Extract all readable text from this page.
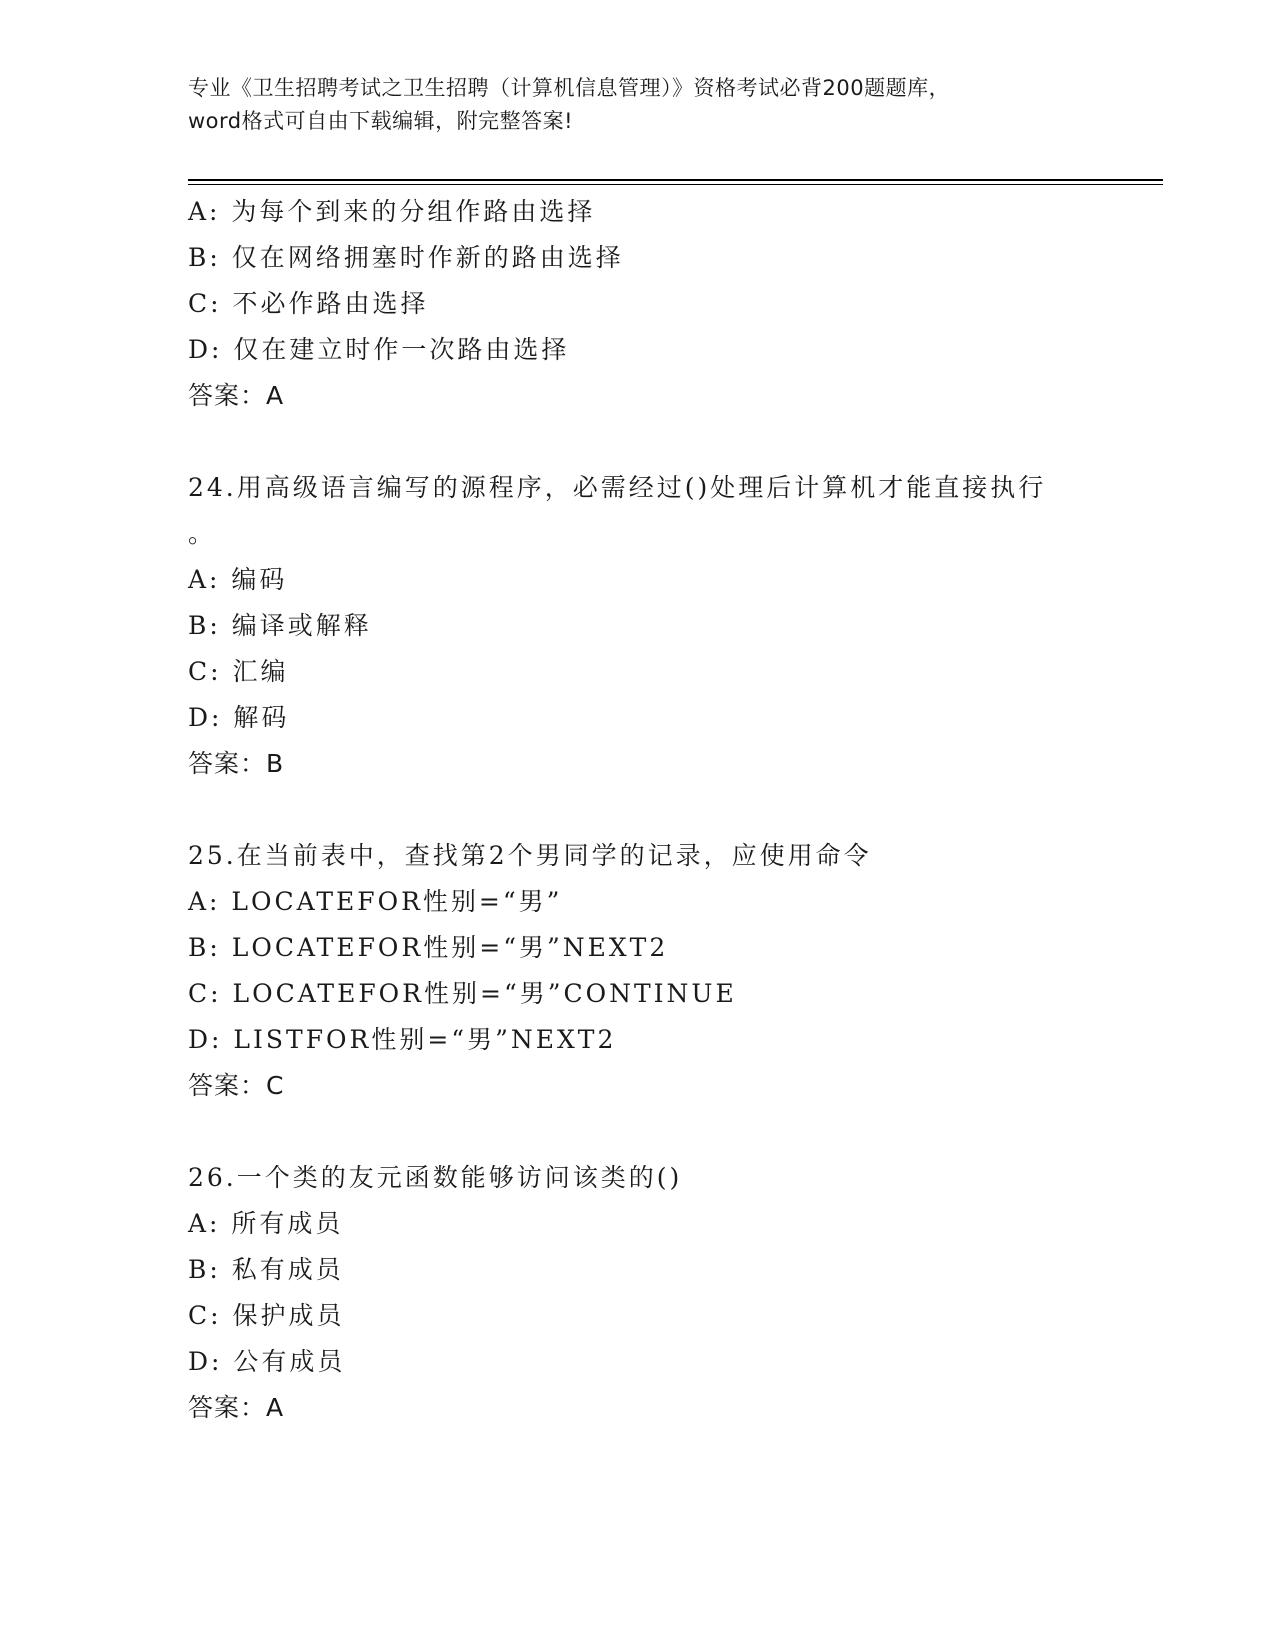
专业《卫生招聘考试之卫生招聘（计算机信息管理）》资格考试必背200题题库，
word格式可自由下载编辑，附完整答案!
A: 为每个到来的分组作路由选择
B: 仅在网络拥塞时作新的路由选择
C: 不必作路由选择
D: 仅在建立时作一次路由选择
答案：A
24.用高级语言编写的源程序，必需经过()处理后计算机才能直接执行
。
A: 编码
B: 编译或解释
C: 汇编
D: 解码
答案：B
25.在当前表中，查找第2个男同学的记录，应使用命令
A: LOCATEFOR性别=“男”
B: LOCATEFOR性别=“男”NEXT2
C: LOCATEFOR性别=“男”CONTINUE
D: LISTFOR性别=“男”NEXT2
答案：C
26.一个类的友元函数能够访问该类的()
A: 所有成员
B: 私有成员
C: 保护成员
D: 公有成员
答案：A
